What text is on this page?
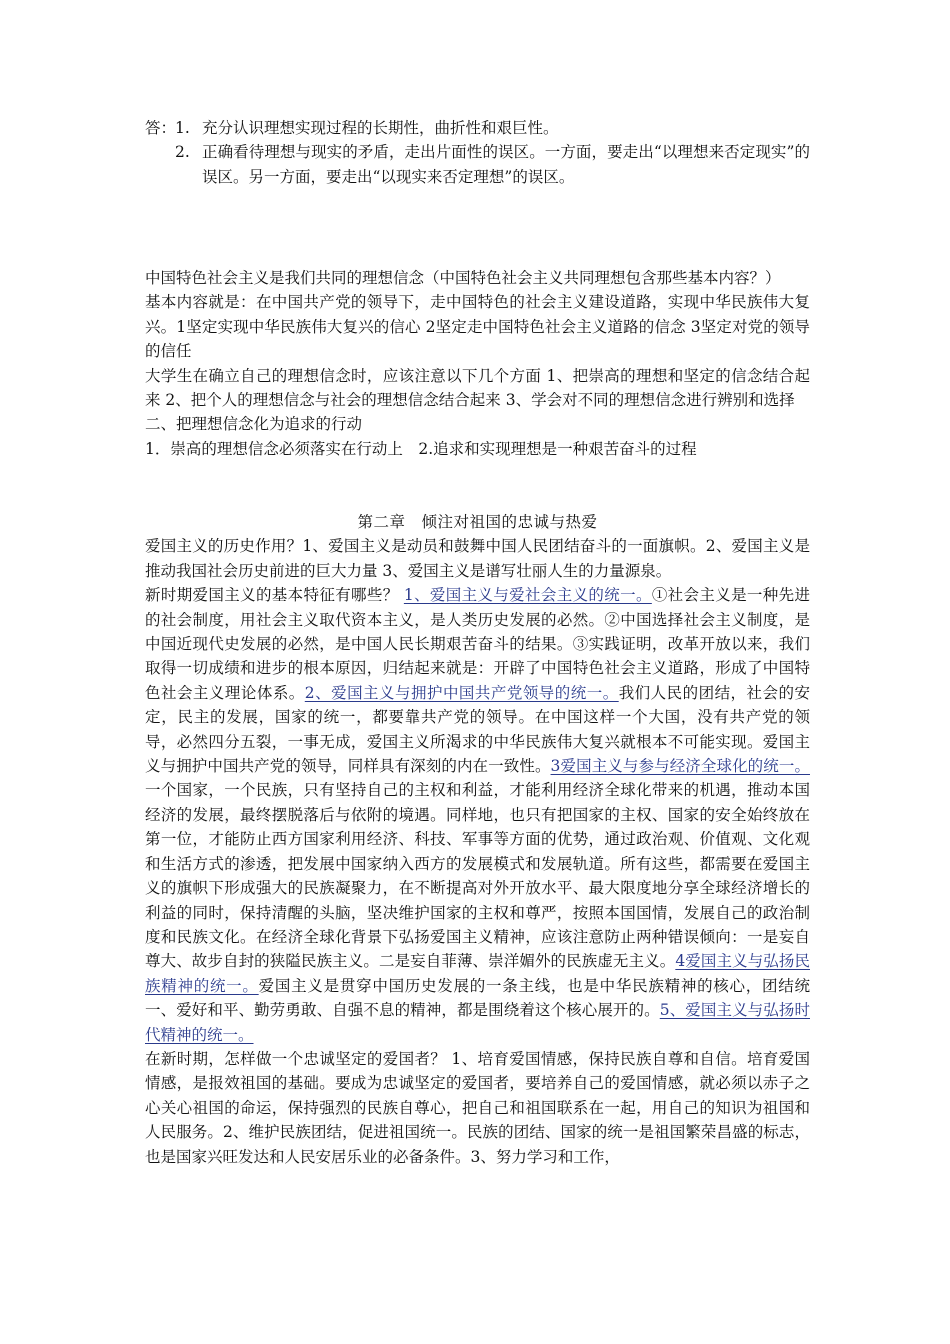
答：
1. 充分认识理想实现过程的长期性，曲折性和艰巨性。
2. 正确看待理想与现实的矛盾，走出片面性的误区。一方面，要走出“以理想来否定现实”的误区。另一方面，要走出“以现实来否定理想”的误区。

中国特色社会主义是我们共同的理想信念（中国特色社会主义共同理想包含那些基本内容？）

基本内容就是：在中国共产党的领导下，走中国特色的社会主义建设道路，实现中华民族伟大复兴。1坚定实现中华民族伟大复兴的信心 2坚定走中国特色社会主义道路的信念 3坚定对党的领导的信任

大学生在确立自己的理想信念时，应该注意以下几个方面 1、把崇高的理想和坚定的信念结合起来 2、把个人的理想信念与社会的理想信念结合起来 3、学会对不同的理想信念进行辨别和选择

二、把理想信念化为追求的行动

1．崇高的理想信念必须落实在行动上　2.追求和实现理想是一种艰苦奋斗的过程

第二章　倾注对祖国的忠诚与热爱

爱国主义的历史作用？1、爱国主义是动员和鼓舞中国人民团结奋斗的一面旗帜。2、爱国主义是推动我国社会历史前进的巨大力量 3、爱国主义是谱写壮丽人生的力量源泉。

新时期爱国主义的基本特征有哪些？ 1、爱国主义与爱社会主义的统一。①社会主义是一种先进的社会制度，用社会主义取代资本主义，是人类历史发展的必然。②中国选择社会主义制度，是中国近现代史发展的必然，是中国人民长期艰苦奋斗的结果。③实践证明，改革开放以来，我们取得一切成绩和进步的根本原因，归结起来就是：开辟了中国特色社会主义道路，形成了中国特色社会主义理论体系。2、爱国主义与拥护中国共产党领导的统一。我们人民的团结，社会的安定，民主的发展，国家的统一，都要靠共产党的领导。在中国这样一个大国，没有共产党的领导，必然四分五裂，一事无成，爱国主义所渴求的中华民族伟大复兴就根本不可能实现。爱国主义与拥护中国共产党的领导，同样具有深刻的内在一致性。3爱国主义与参与经济全球化的统一。一个国家，一个民族，只有坚持自己的主权和利益，才能利用经济全球化带来的机遇，推动本国经济的发展，最终摆脱落后与依附的境遇。同样地，也只有把国家的主权、国家的安全始终放在第一位，才能防止西方国家利用经济、科技、军事等方面的优势，通过政治观、价值观、文化观和生活方式的渗透，把发展中国家纳入西方的发展模式和发展轨道。所有这些，都需要在爱国主义的旗帜下形成强大的民族凝聚力，在不断提高对外开放水平、最大限度地分享全球经济增长的利益的同时，保持清醒的头脑，坚决维护国家的主权和尊严，按照本国国情，发展自己的政治制度和民族文化。在经济全球化背景下弘扬爱国主义精神，应该注意防止两种错误倾向：一是妄自尊大、故步自封的狭隘民族主义。二是妄自菲薄、崇洋媚外的民族虚无主义。4爱国主义与弘扬民族精神的统一。爱国主义是贯穿中国历史发展的一条主线，也是中华民族精神的核心，团结统一、爱好和平、勤劳勇敢、自强不息的精神，都是围绕着这个核心展开的。5、爱国主义与弘扬时代精神的统一。

在新时期，怎样做一个忠诚坚定的爱国者？ 1、培育爱国情感，保持民族自尊和自信。培育爱国情感，是报效祖国的基础。要成为忠诚坚定的爱国者，要培养自己的爱国情感，就必须以赤子之心关心祖国的命运，保持强烈的民族自尊心，把自己和祖国联系在一起，用自己的知识为祖国和人民服务。2、维护民族团结，促进祖国统一。民族的团结、国家的统一是祖国繁荣昌盛的标志，也是国家兴旺发达和人民安居乐业的必备条件。3、努力学习和工作，
